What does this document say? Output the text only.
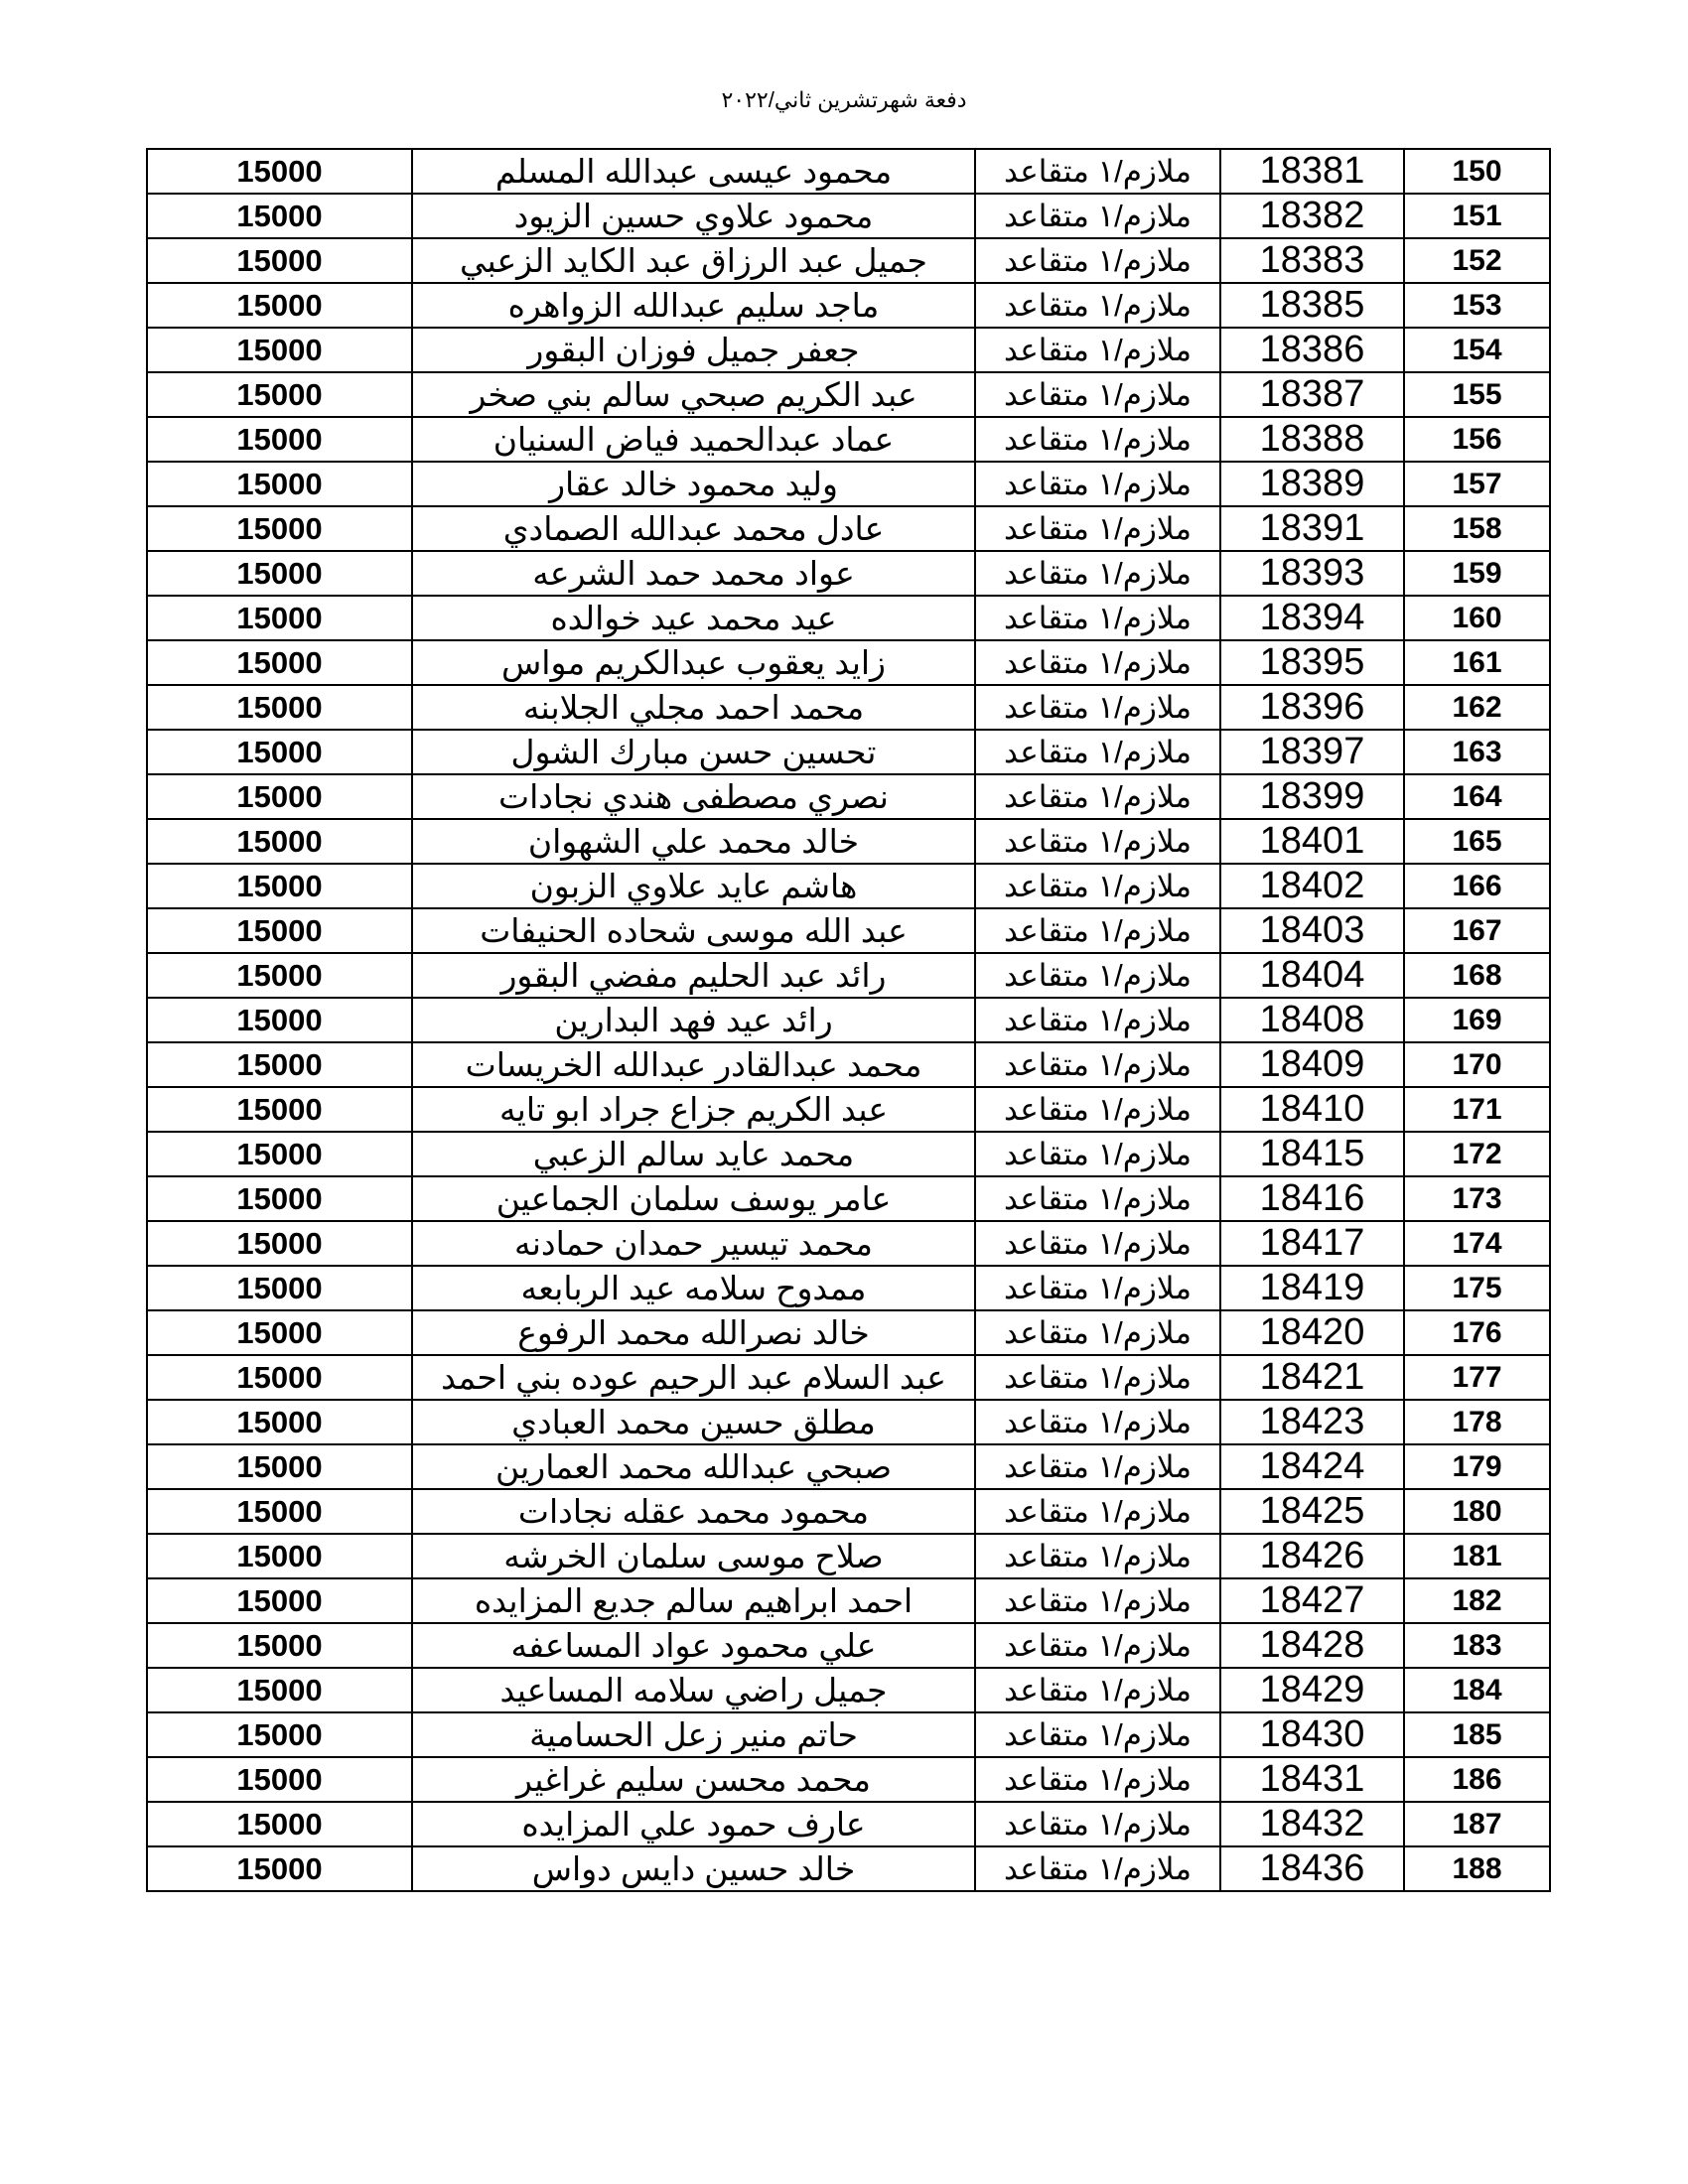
دفعة شهرتشرين ثاني/٢٠٢٢
15000	محمود عيسى عبدالله المسلم	ملازم/١ متقاعد	18381	150
15000	محمود علاوي حسين الزيود	ملازم/١ متقاعد	18382	151
15000	جميل عبد الرزاق عبد الكايد الزعبي	ملازم/١ متقاعد	18383	152
15000	ماجد سليم عبدالله الزواهره	ملازم/١ متقاعد	18385	153
15000	جعفر جميل فوزان البقور	ملازم/١ متقاعد	18386	154
15000	عبد الكريم صبحي سالم بني صخر	ملازم/١ متقاعد	18387	155
15000	عماد عبدالحميد فياض السنيان	ملازم/١ متقاعد	18388	156
15000	وليد محمود خالد عقار	ملازم/١ متقاعد	18389	157
15000	عادل محمد عبدالله الصمادي	ملازم/١ متقاعد	18391	158
15000	عواد محمد حمد الشرعه	ملازم/١ متقاعد	18393	159
15000	عيد محمد عيد خوالده	ملازم/١ متقاعد	18394	160
15000	زايد يعقوب عبدالكريم مواس	ملازم/١ متقاعد	18395	161
15000	محمد احمد مجلي الجلابنه	ملازم/١ متقاعد	18396	162
15000	تحسين حسن مبارك الشول	ملازم/١ متقاعد	18397	163
15000	نصري مصطفى هندي نجادات	ملازم/١ متقاعد	18399	164
15000	خالد محمد علي الشهوان	ملازم/١ متقاعد	18401	165
15000	هاشم عايد علاوي الزبون	ملازم/١ متقاعد	18402	166
15000	عبد الله موسى شحاده الحنيفات	ملازم/١ متقاعد	18403	167
15000	رائد عبد الحليم مفضي البقور	ملازم/١ متقاعد	18404	168
15000	رائد عيد فهد البدارين	ملازم/١ متقاعد	18408	169
15000	محمد عبدالقادر عبدالله الخريسات	ملازم/١ متقاعد	18409	170
15000	عبد الكريم جزاع جراد ابو تايه	ملازم/١ متقاعد	18410	171
15000	محمد عايد سالم الزعبي	ملازم/١ متقاعد	18415	172
15000	عامر يوسف سلمان الجماعين	ملازم/١ متقاعد	18416	173
15000	محمد تيسير حمدان حمادنه	ملازم/١ متقاعد	18417	174
15000	ممدوح سلامه عيد الربابعه	ملازم/١ متقاعد	18419	175
15000	خالد نصرالله محمد الرفوع	ملازم/١ متقاعد	18420	176
15000	عبد السلام عبد الرحيم عوده بني احمد	ملازم/١ متقاعد	18421	177
15000	مطلق حسين محمد العبادي	ملازم/١ متقاعد	18423	178
15000	صبحي عبدالله محمد العمارين	ملازم/١ متقاعد	18424	179
15000	محمود محمد عقله نجادات	ملازم/١ متقاعد	18425	180
15000	صلاح موسى سلمان الخرشه	ملازم/١ متقاعد	18426	181
15000	احمد ابراهيم سالم جديع المزايده	ملازم/١ متقاعد	18427	182
15000	علي محمود عواد المساعفه	ملازم/١ متقاعد	18428	183
15000	جميل راضي سلامه المساعيد	ملازم/١ متقاعد	18429	184
15000	حاتم منير زعل الحسامية	ملازم/١ متقاعد	18430	185
15000	محمد محسن سليم غراغير	ملازم/١ متقاعد	18431	186
15000	عارف حمود علي المزايده	ملازم/١ متقاعد	18432	187
15000	خالد حسين دايس دواس	ملازم/١ متقاعد	18436	188
